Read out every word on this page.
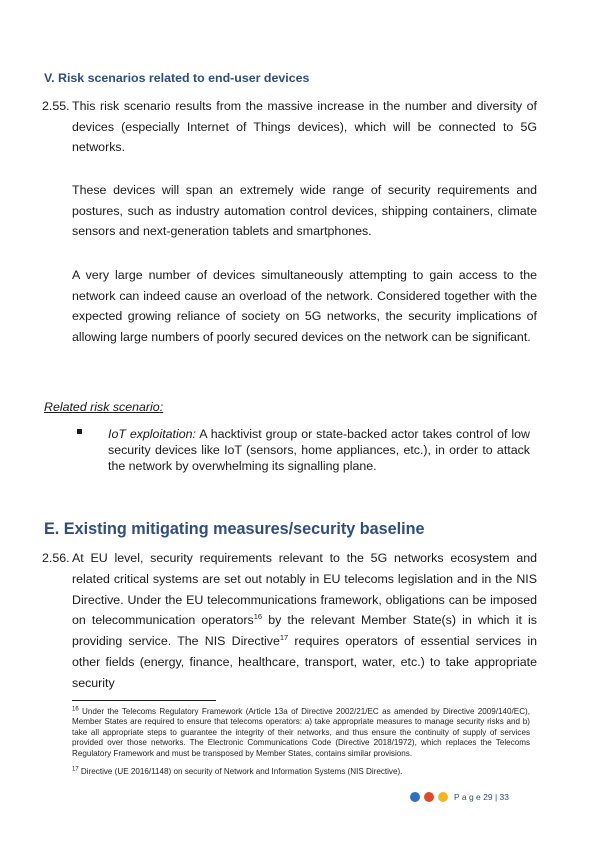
V. Risk scenarios related to end-user devices

2.55. This risk scenario results from the massive increase in the number and diversity of devices (especially Internet of Things devices), which will be connected to 5G networks.

These devices will span an extremely wide range of security requirements and postures, such as industry automation control devices, shipping containers, climate sensors and next-generation tablets and smartphones.

A very large number of devices simultaneously attempting to gain access to the network can indeed cause an overload of the network. Considered together with the expected growing reliance of society on 5G networks, the security implications of allowing large numbers of poorly secured devices on the network can be significant.

Related risk scenario:

IoT exploitation: A hacktivist group or state-backed actor takes control of low security devices like IoT (sensors, home appliances, etc.), in order to attack the network by overwhelming its signalling plane.

E. Existing mitigating measures/security baseline

2.56. At EU level, security requirements relevant to the 5G networks ecosystem and related critical systems are set out notably in EU telecoms legislation and in the NIS Directive. Under the EU telecommunications framework, obligations can be imposed on telecommunication operators$^{16}$ by the relevant Member State(s) in which it is providing service. The NIS Directive$^{17}$ requires operators of essential services in other fields (energy, finance, healthcare, transport, water, etc.) to take appropriate security

$^{16}$ Under the Telecoms Regulatory Framework (Article 13a of Directive 2002/21/EC as amended by Directive 2009/140/EC), Member States are required to ensure that telecoms operators: a) take appropriate measures to manage security risks and b) take all appropriate steps to guarantee the integrity of their networks, and thus ensure the continuity of supply of services provided over those networks. The Electronic Communications Code (Directive 2018/1972), which replaces the Telecoms Regulatory Framework and must be transposed by Member States, contains similar provisions.

$^{17}$ Directive (UE 2016/1148) on security of Network and Information Systems (NIS Directive).

P a g e 29 | 33
